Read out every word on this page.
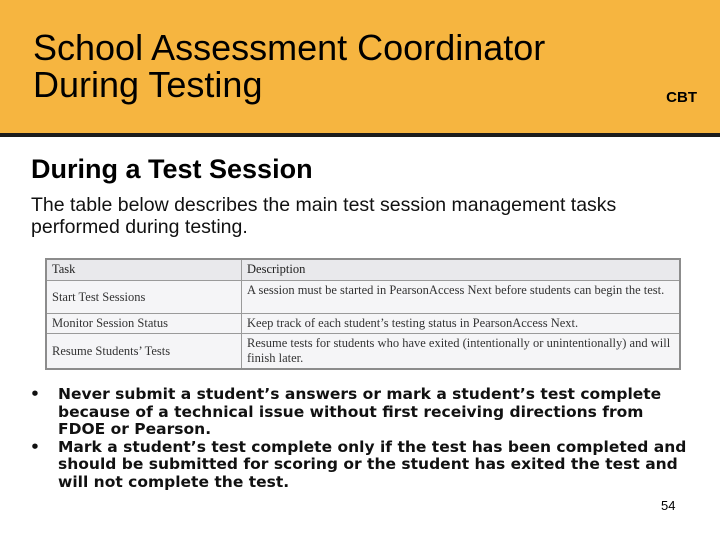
School Assessment Coordinator
During Testing	CBT
During a Test Session
The table below describes the main test session management tasks performed during testing.
Task	Description
Start Test Sessions	A session must be started in PearsonAccess Next before students can begin the test.
Monitor Session Status	Keep track of each student’s testing status in PearsonAccess Next.
Resume Students’ Tests	Resume tests for students who have exited (intentionally or unintentionally) and will finish later.
• Never submit a student’s answers or mark a student’s test complete because of a technical issue without first receiving directions from FDOE or Pearson.
• Mark a student’s test complete only if the test has been completed and should be submitted for scoring or the student has exited the test and will not complete the test.
54
